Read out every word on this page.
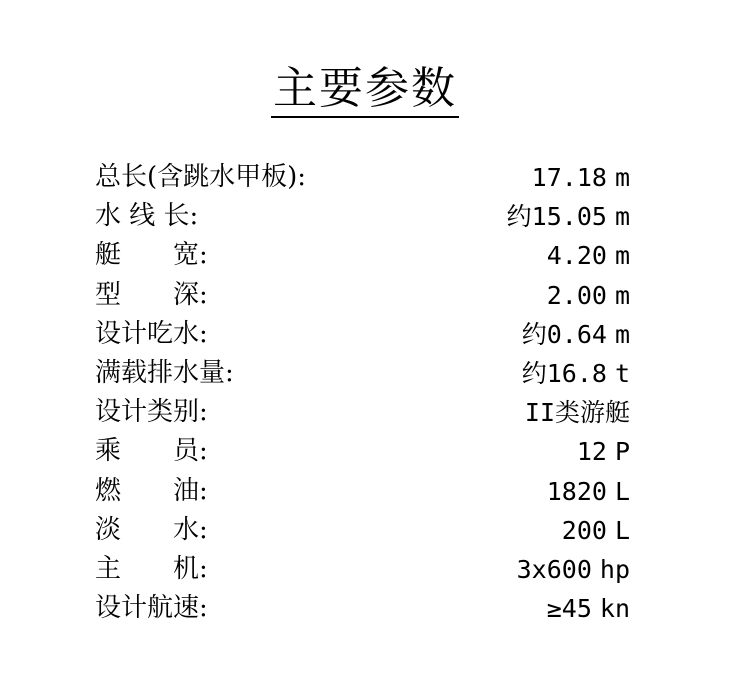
主要参数
总长(含跳水甲板):	17.18 m
水 线 长:	约15.05 m
艇　　宽:	4.20 m
型　　深:	2.00 m
设计吃水:	约0.64 m
满载排水量:	约16.8 t
设计类别:	II类游艇
乘　　员:	12 P
燃　　油:	1820 L
淡　　水:	200 L
主　　机:	3x600 hp
设计航速:	≥45 kn
